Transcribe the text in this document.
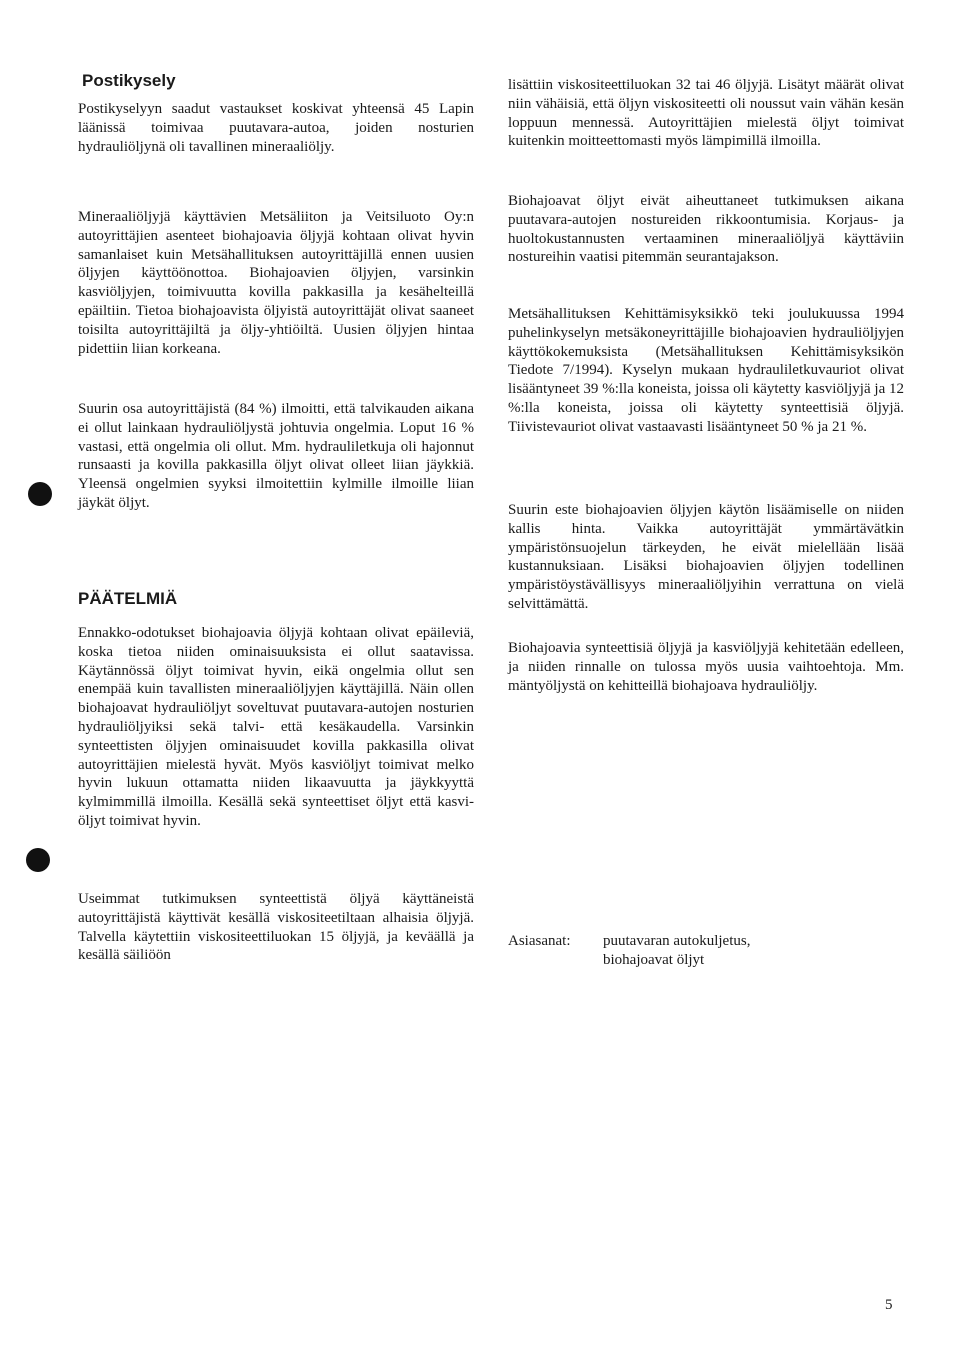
Postikysely

Postikyselyyn saadut vastaukset koskivat yhteensä 45 Lapin läänissä toimivaa puutavara-autoa, joiden nosturien hydrauliöljynä oli tavallinen mineraaliöljy.

Mineraaliöljyjä käyttävien Metsäliiton ja Veitsiluoto Oy:n autoyrittäjien asenteet biohajoavia öljyjä kohtaan olivat hyvin samanlaiset kuin Metsähallituksen autoyrittäjillä ennen uusien öljyjen käyttöönottoa. Biohajoavien öljyjen, varsinkin kasviöljyjen, toimivuutta kovilla pakkasilla ja kesähelteillä epäiltiin. Tietoa biohajoavista öljyistä autoyrittäjät olivat saaneet toisilta autoyrittäjiltä ja öljy-yhtiöiltä. Uusien öljyjen hintaa pidettiin liian korkeana.

Suurin osa autoyrittäjistä (84 %) ilmoitti, että talvikauden aikana ei ollut lainkaan hydrauliöljystä johtuvia ongelmia. Loput 16 % vastasi, että ongelmia oli ollut. Mm. hydrauliletkuja oli hajonnut runsaasti ja kovilla pakkasilla öljyt olivat olleet liian jäykkiä. Yleensä ongelmien syyksi ilmoitettiin kylmille ilmoille liian jäykät öljyt.

PÄÄTELMIÄ

Ennakko-odotukset biohajoavia öljyjä kohtaan olivat epäileviä, koska tietoa niiden ominaisuuksista ei ollut saatavissa. Käytännössä öljyt toimivat hyvin, eikä ongelmia ollut sen enempää kuin tavallisten mineraaliöljyjen käyttäjillä. Näin ollen biohajoavat hydrauliöljyt soveltuvat puutavara-autojen nosturien hydrauliöljyiksi sekä talvi- että kesäkaudella. Varsinkin synteettisten öljyjen ominaisuudet kovilla pakkasilla olivat autoyrittäjien mielestä hyvät. Myös kasviöljyt toimivat melko hyvin lukuun ottamatta niiden likaavuutta ja jäykkyyttä kylmimmillä ilmoilla. Kesällä sekä synteettiset öljyt että kasviöljyt toimivat hyvin.

Useimmat tutkimuksen synteettistä öljyä käyttäneistä autoyrittäjistä käyttivät kesällä viskositeetiltaan alhaisia öljyjä. Talvella käytettiin viskositeettiluokan 15 öljyjä, ja keväällä ja kesällä säiliöön

lisättiin viskositeettiluokan 32 tai 46 öljyjä. Lisätyt määrät olivat niin vähäisiä, että öljyn viskositeetti oli noussut vain vähän kesän loppuun mennessä. Autoyrittäjien mielestä öljyt toimivat kuitenkin moitteettomasti myös lämpimillä ilmoilla.

Biohajoavat öljyt eivät aiheuttaneet tutkimuksen aikana puutavara-autojen nostureiden rikkoontumisia. Korjaus- ja huoltokustannusten vertaaminen mineraaliöljyä käyttäviin nostureihin vaatisi pitemmän seurantajakson.

Metsähallituksen Kehittämisyksikkö teki joulukuussa 1994 puhelinkyselyn metsäkoneyrittäjille biohajoavien hydrauliöljyjen käyttökokemuksista (Metsähallituksen Kehittämisyksikön Tiedote 7/1994). Kyselyn mukaan hydrauliletkuvauriot olivat lisääntyneet 39 %:lla koneista, joissa oli käytetty kasviöljyjä ja 12 %:lla koneista, joissa oli käytetty synteettisiä öljyjä. Tiivistevauriot olivat vastaavasti lisääntyneet 50 % ja 21 %.

Suurin este biohajoavien öljyjen käytön lisäämiselle on niiden kallis hinta. Vaikka autoyrittäjät ymmärtävätkin ympäristönsuojelun tärkeyden, he eivät mielellään lisää kustannuksiaan. Lisäksi biohajoavien öljyjen todellinen ympäristöystävällisyys mineraaliöljyihin verrattuna on vielä selvittämättä.

Biohajoavia synteettisiä öljyjä ja kasviöljyjä kehitetään edelleen, ja niiden rinnalle on tulossa myös uusia vaihtoehtoja. Mm. mäntyöljystä on kehitteillä biohajoava hydrauliöljy.

Asiasanat: puutavaran autokuljetus,
biohajoavat öljyt

5
